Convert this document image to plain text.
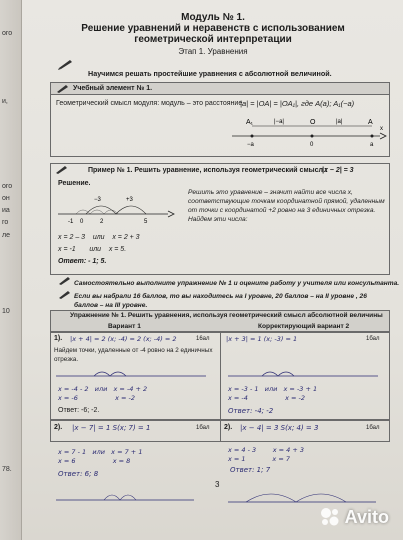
ого
и,
ого
он
иа
го
ле
10
78.
Модуль № 1.
Решение уравнений и неравенств с использованием
геометрической интерпретации
Этап 1. Уравнения
Научимся решать простейшие уравнения с абсолютной величиной.
Учебный элемент № 1.
Геометрический смысл модуля: модуль – это расстояние
|a| = |OA| = |OA₁|, где A(a); A₁(−a)
A₁	O	A
|−a|	|a|
−a	0	a
x
Пример № 1. Решить уравнение, используя геометрический смысл :
|x − 2| = 3
Решение.
Решить это уравнение – значит найти все числа x, соответствующие точкам координатной прямой, удаленным от точки с координатой +2 ровно на 3 единичных отрезка. Найдем эти числа:
−3	+3
-1 0	2	5
x = 2 – 3    или    x = 2 + 3
x = -1       или    x = 5.
Ответ: - 1; 5.
Самостоятельно выполните упражнение № 1 и оцените работу у учителя или консультанта.
Если вы набрали 16 баллов, то вы находитесь на I уровне, 20 баллов – на II уровне , 26 баллов – на III уровне.
Упражнение № 1. Решить уравнения, используя геометрический смысл абсолютной величины
Вариант 1	Корректирующий вариант 2
1). |x + 4| = 2 (x; -4) = 2 (x; -4) = 2	16ал	|x + 3| = 1 (x; -3) = 1	1бал
Найдем точки, удаленные от -4 ровно на 2 единичных отрезка.
x = -4 - 2   или   x = -4 + 2
x = -6                  x = -2
x = -3 - 1   или   x = -3 + 1
x = -4                  x = -2
Ответ: -6; -2.	Ответ: -4; -2
2). |x − 7| = 1 S(x; 7) = 1	1бал 2). |x − 4| = 3 S(x; 4) = 3	1бал
x = 7 - 1   или   x = 7 + 1
x = 6                  x = 8
x = 4 - 3        x = 4 + 3
x = 1             x = 7
Ответ: 6; 8	Ответ: 1; 7
3
Avito
